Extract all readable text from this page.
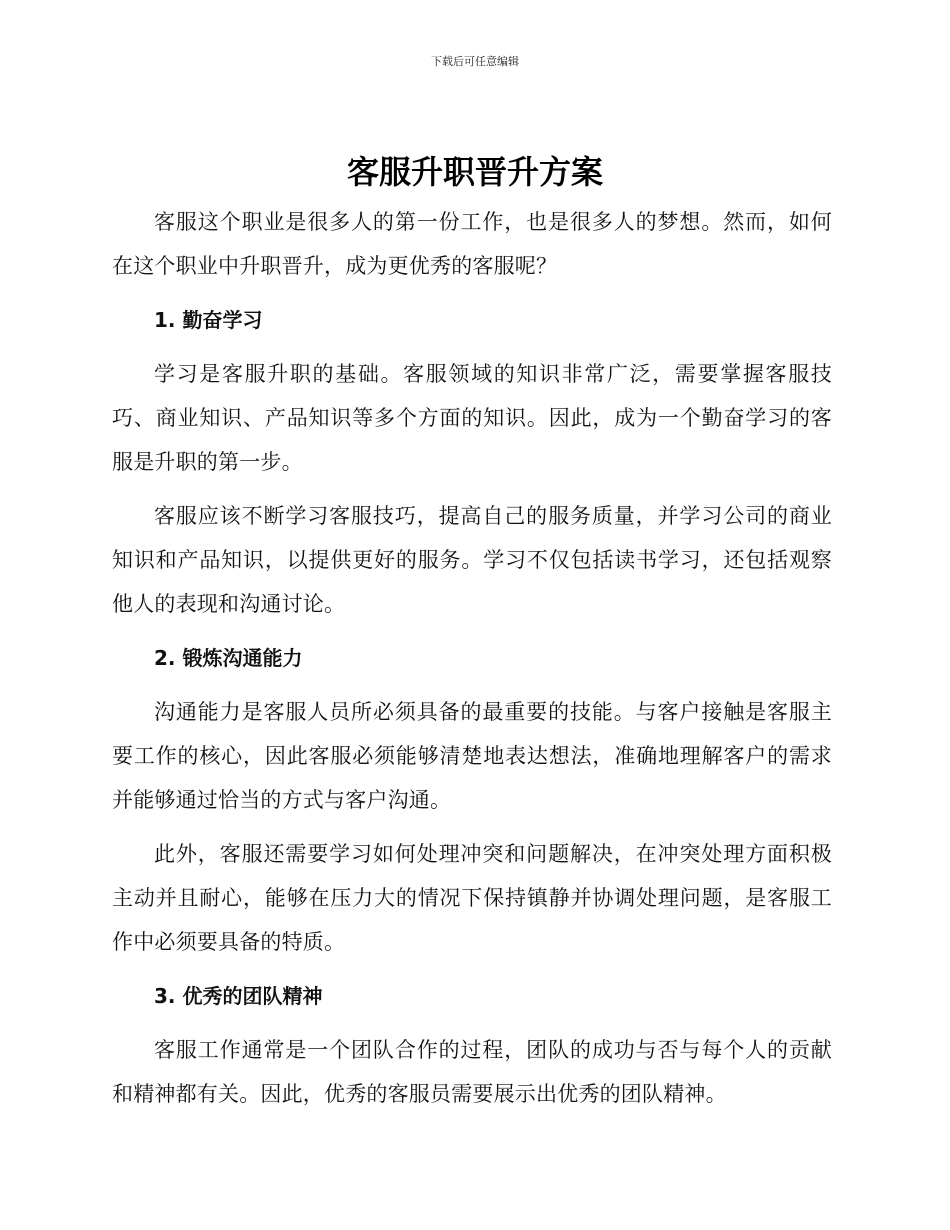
下载后可任意编辑
客服升职晋升方案

客服这个职业是很多人的第一份工作，也是很多人的梦想。然而，如何在这个职业中升职晋升，成为更优秀的客服呢？

1. 勤奋学习

学习是客服升职的基础。客服领域的知识非常广泛，需要掌握客服技巧、商业知识、产品知识等多个方面的知识。因此，成为一个勤奋学习的客服是升职的第一步。

客服应该不断学习客服技巧，提高自己的服务质量，并学习公司的商业知识和产品知识，以提供更好的服务。学习不仅包括读书学习，还包括观察他人的表现和沟通讨论。

2. 锻炼沟通能力

沟通能力是客服人员所必须具备的最重要的技能。与客户接触是客服主要工作的核心，因此客服必须能够清楚地表达想法，准确地理解客户的需求并能够通过恰当的方式与客户沟通。

此外，客服还需要学习如何处理冲突和问题解决，在冲突处理方面积极主动并且耐心，能够在压力大的情况下保持镇静并协调处理问题，是客服工作中必须要具备的特质。

3. 优秀的团队精神

客服工作通常是一个团队合作的过程，团队的成功与否与每个人的贡献和精神都有关。因此，优秀的客服员需要展示出优秀的团队精神。
